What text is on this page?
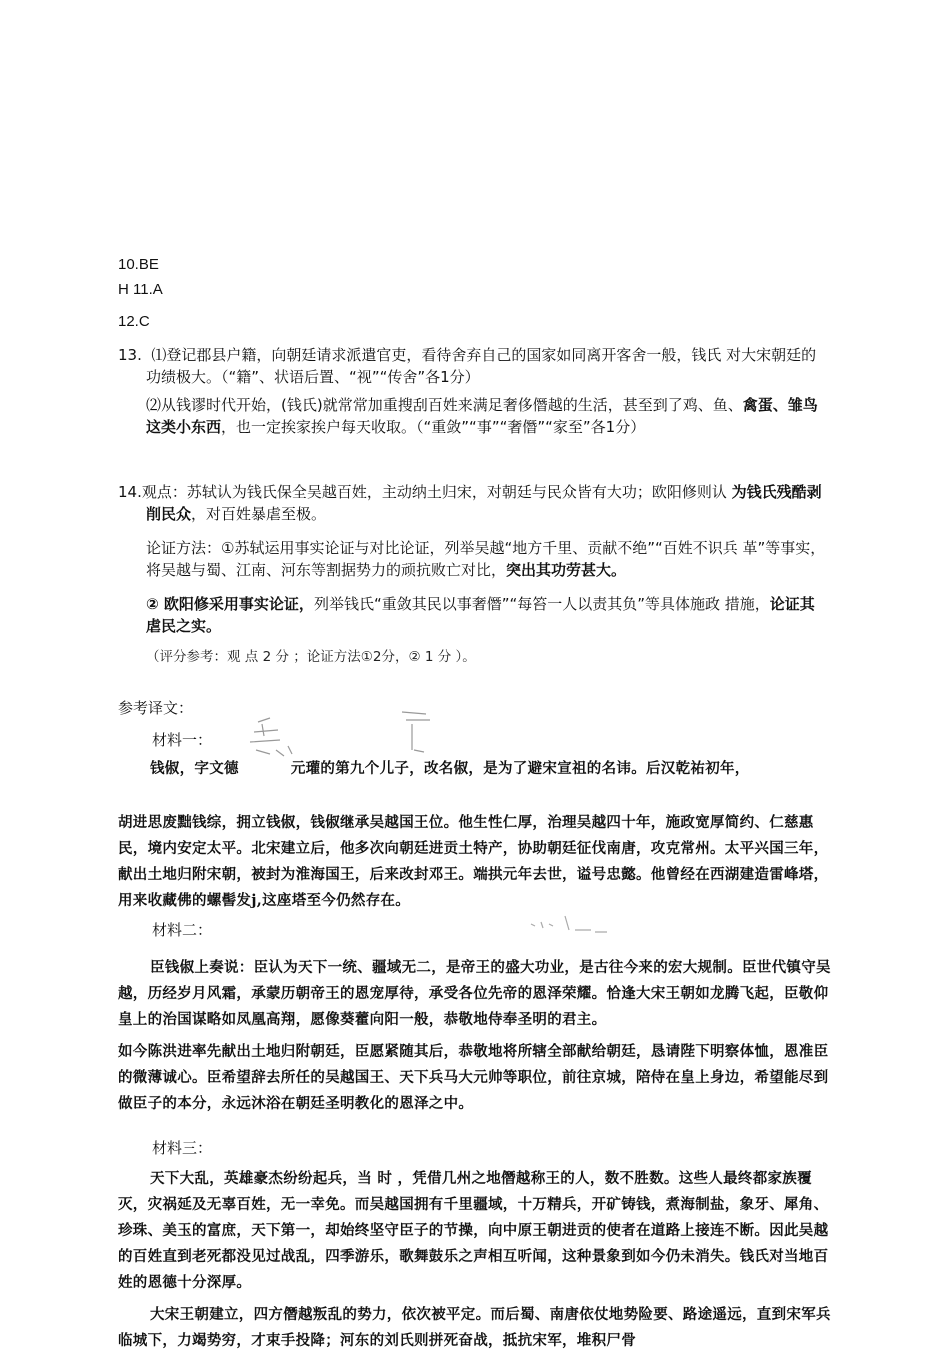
10.BE
H 11.A
12.C

13. ⑴登记郡县户籍，向朝廷请求派遣官吏，看待舍弃自己的国家如同离开客舍一般，钱氏 对大宋朝廷的功绩极大。（“籍”、状语后置、“视”“传舍”各1分）

⑵从钱谬时代开始，(钱氏)就常常加重搜刮百姓来满足奢侈僭越的生活，甚至到了鸡、鱼、禽蛋、雏鸟这类小东西，也一定挨家挨户每天收取。（“重敛”“事”“奢僭”“家至”各1分）

14.观点：苏轼认为钱氏保全吴越百姓，主动纳土归宋，对朝廷与民众皆有大功；欧阳修则认 为钱氏残酷剥削民众，对百姓暴虐至极。

论证方法：①苏轼运用事实论证与对比论证，列举吴越“地方千里、贡献不绝”“百姓不识兵 革”等事实，将吴越与蜀、江南、河东等割据势力的顽抗败亡对比，突出其功劳甚大。

② 欧阳修采用事实论证，列举钱氏“重敛其民以事奢僭”“每笞一人以责其负”等具体施政 措施，论证其虐民之实。

（评分参考：观 点 2 分 ；论证方法①2分，② 1 分 ）。

参考译文：
材料一：

钱俶，字文德	元瓘的第九个儿子，改名俶，是为了避宋宣祖的名讳。后汉乾祐初年，

胡进思废黜钱综，拥立钱俶，钱俶继承吴越国王位。他生性仁厚，治理吴越四十年，施政宽厚简约、仁慈惠民，境内安定太平。北宋建立后，他多次向朝廷进贡土特产，协助朝廷征伐南唐，攻克常州。太平兴国三年，献出土地归附宋朝，被封为淮海国王，后来改封邓王。端拱元年去世，谥号忠懿。他曾经在西湖建造雷峰塔，用来收藏佛的螺髻发j,这座塔至今仍然存在。

材料二：

臣钱俶上奏说：臣认为天下一统、疆域无二，是帝王的盛大功业，是古往今来的宏大规制。臣世代镇守吴越，历经岁月风霜，承蒙历朝帝王的恩宠厚待，承受各位先帝的恩泽荣耀。恰逢大宋王朝如龙腾飞起，臣敬仰皇上的治国谋略如凤凰高翔，愿像葵藿向阳一般，恭敬地侍奉圣明的君主。

如今陈洪进率先献出土地归附朝廷，臣愿紧随其后，恭敬地将所辖全部献给朝廷，恳请陛下明察体恤，恩准臣的微薄诚心。臣希望辞去所任的吴越国王、天下兵马大元帅等职位，前往京城，陪侍在皇上身边，希望能尽到做臣子的本分，永远沐浴在朝廷圣明教化的恩泽之中。

材料三：

天下大乱，英雄豪杰纷纷起兵，当 时 ，凭借几州之地僭越称王的人，数不胜数。这些人最终都家族覆灭，灾祸延及无辜百姓，无一幸免。而吴越国拥有千里疆域，十万精兵，开矿铸钱，煮海制盐，象牙、犀角、珍珠、美玉的富庶，天下第一，却始终坚守臣子的节操，向中原王朝进贡的使者在道路上接连不断。因此吴越的百姓直到老死都没见过战乱，四季游乐，歌舞鼓乐之声相互听闻，这种景象到如今仍未消失。钱氏对当地百姓的恩德十分深厚。

大宋王朝建立，四方僭越叛乱的势力，依次被平定。而后蜀、南唐依仗地势险要、路途遥远，直到宋军兵临城下，力竭势穷，才束手投降；河东的刘氏则拼死奋战，抵抗宋军，堆积尸骨
